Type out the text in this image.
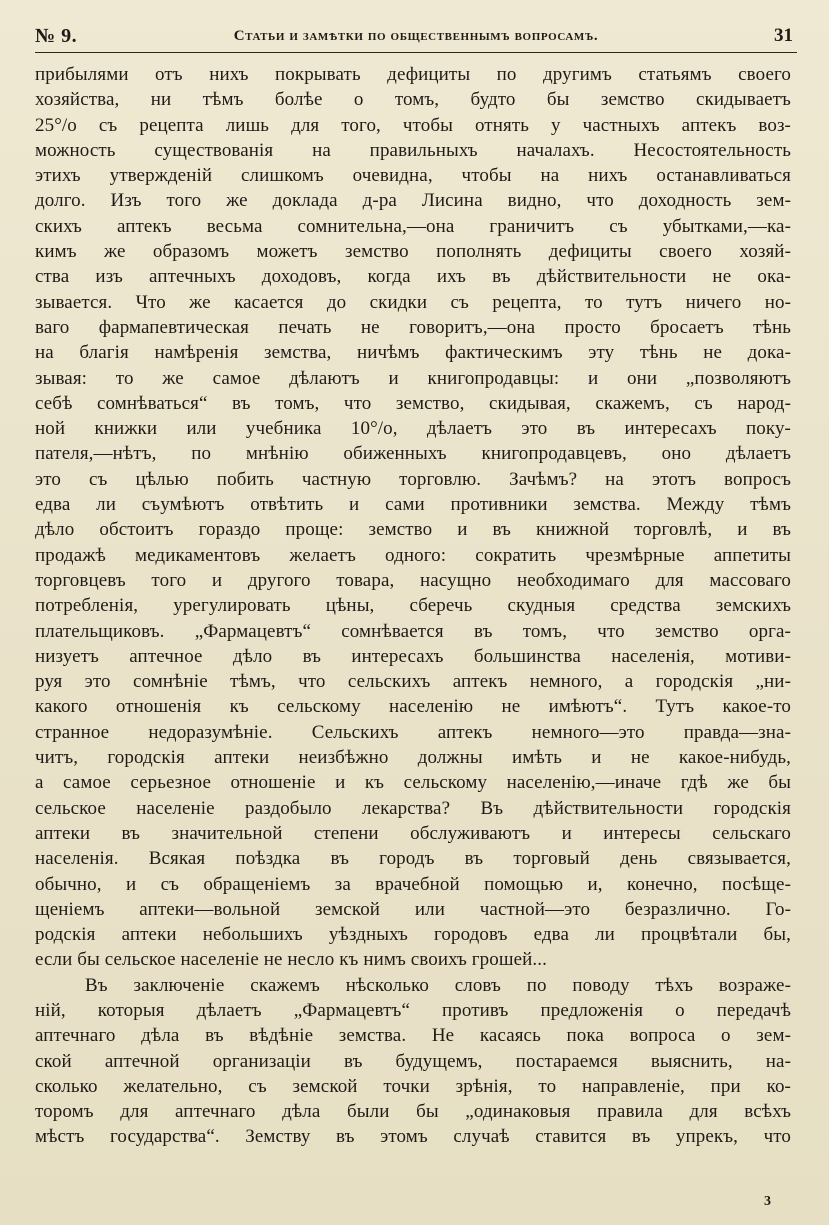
№ 9.	Статьи и замѣтки по общественнымъ вопросамъ.	31
прибылями отъ нихъ покрывать дефициты по другимъ статьямъ своего
хозяйства, ни тѣмъ болѣе о томъ, будто бы земство скидываетъ
25°/о съ рецепта лишь для того, чтобы отнять у частныхъ аптекъ воз-
можность существованія на правильныхъ началахъ. Несостоятельность
этихъ утвержденій слишкомъ очевидна, чтобы на нихъ останавливаться
долго. Изъ того же доклада д-ра Лисина видно, что доходность зем-
скихъ аптекъ весьма сомнительна,—она граничитъ съ убытками,—ка-
кимъ же образомъ можетъ земство пополнять дефициты своего хозяй-
ства изъ аптечныхъ доходовъ, когда ихъ въ дѣйствительности не ока-
зывается. Что же касается до скидки съ рецепта, то тутъ ничего но-
ваго фармапевтическая печать не говоритъ,—она просто бросаетъ тѣнь
на благія намѣренія земства, ничѣмъ фактическимъ эту тѣнь не дока-
зывая: то же самое дѣлаютъ и книгопродавцы: и они „позволяютъ
себѣ сомнѣваться“ въ томъ, что земство, скидывая, скажемъ, съ народ-
ной книжки или учебника 10°/о, дѣлаетъ это въ интересахъ поку-
пателя,—нѣтъ, по мнѣнію обиженныхъ книгопродавцевъ, оно дѣлаетъ
это съ цѣлью побить частную торговлю. Зачѣмъ? на этотъ вопросъ
едва ли съумѣютъ отвѣтить и сами противники земства. Между тѣмъ
дѣло обстоитъ гораздо проще: земство и въ книжной торговлѣ, и въ
продажѣ медикаментовъ желаетъ одного: сократить чрезмѣрные аппетиты
торговцевъ того и другого товара, насущно необходимаго для массоваго
потребленія, урегулировать цѣны, сберечь скудныя средства земскихъ
плательщиковъ. „Фармацевтъ“ сомнѣвается въ томъ, что земство орга-
низуетъ аптечное дѣло въ интересахъ большинства населенія, мотиви-
руя это сомнѣніе тѣмъ, что сельскихъ аптекъ немного, а городскія „ни-
какого отношенія къ сельскому населенію не имѣютъ“. Тутъ какое-то
странное недоразумѣніе. Сельскихъ аптекъ немного—это правда—зна-
читъ, городскія аптеки неизбѣжно должны имѣть и не какое-нибудь,
а самое серьезное отношеніе и къ сельскому населенію,—иначе гдѣ же бы
сельское населеніе раздобыло лекарства? Въ дѣйствительности городскія
аптеки въ значительной степени обслуживаютъ и интересы сельскаго
населенія. Всякая поѣздка въ городъ въ торговый день связывается,
обычно, и съ обращеніемъ за врачебной помощью и, конечно, посѣще-
щеніемъ аптеки—вольной земской или частной—это безразлично. Го-
родскія аптеки небольшихъ уѣздныхъ городовъ едва ли процвѣтали бы,
если бы сельское населеніе не несло къ нимъ своихъ грошей...
Въ заключеніе скажемъ нѣсколько словъ по поводу тѣхъ возраже-
ній, которыя дѣлаетъ „Фармацевтъ“ противъ предложенія о передачѣ
аптечнаго дѣла въ вѣдѣніе земства. Не касаясь пока вопроса о зем-
ской аптечной организаціи въ будущемъ, постараемся выяснить, на-
сколько желательно, съ земской точки зрѣнія, то направленіе, при ко-
торомъ для аптечнаго дѣла были бы „одинаковыя правила для всѣхъ
мѣстъ государства“. Земству въ этомъ случаѣ ставится въ упрекъ, что
3
